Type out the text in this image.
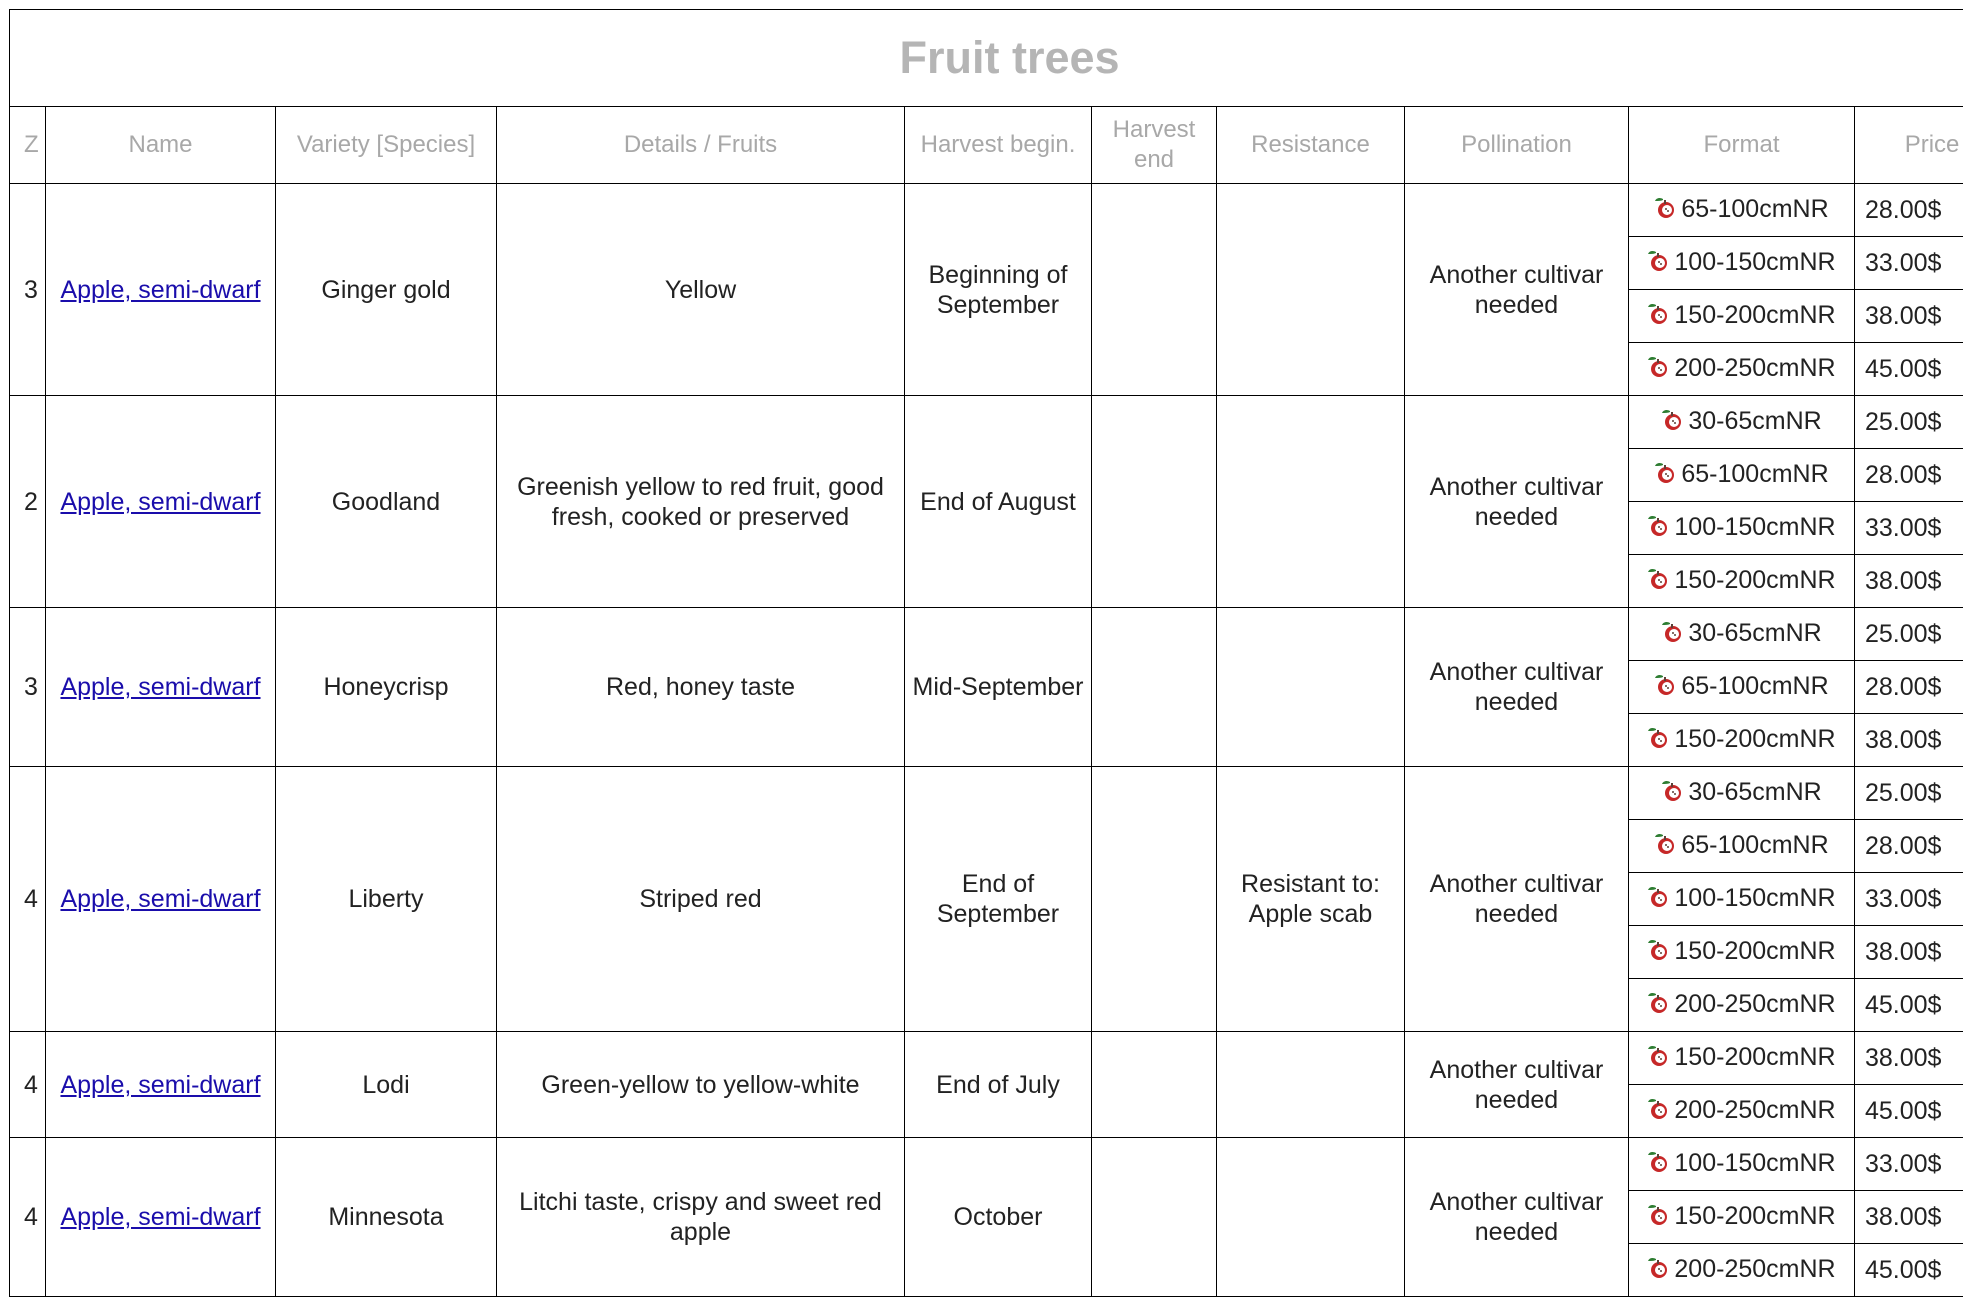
Fruit trees									
Z	Name	Variety [Species]	Details / Fruits	Harvest begin.	Harvest end	Resistance	Pollination	Format	Price
3	Apple, semi-dwarf	Ginger gold	Yellow	Beginning of September			Another cultivar needed	65-100cmNR	28.00$
								100-150cmNR	33.00$
								150-200cmNR	38.00$
								200-250cmNR	45.00$
2	Apple, semi-dwarf	Goodland	Greenish yellow to red fruit, good fresh, cooked or preserved	End of August			Another cultivar needed	30-65cmNR	25.00$
								65-100cmNR	28.00$
								100-150cmNR	33.00$
								150-200cmNR	38.00$
3	Apple, semi-dwarf	Honeycrisp	Red, honey taste	Mid-September			Another cultivar needed	30-65cmNR	25.00$
								65-100cmNR	28.00$
								150-200cmNR	38.00$
4	Apple, semi-dwarf	Liberty	Striped red	End of September		Resistant to: Apple scab	Another cultivar needed	30-65cmNR	25.00$
								65-100cmNR	28.00$
								100-150cmNR	33.00$
								150-200cmNR	38.00$
								200-250cmNR	45.00$
4	Apple, semi-dwarf	Lodi	Green-yellow to yellow-white	End of July			Another cultivar needed	150-200cmNR	38.00$
								200-250cmNR	45.00$
4	Apple, semi-dwarf	Minnesota	Litchi taste, crispy and sweet red apple	October			Another cultivar needed	100-150cmNR	33.00$
								150-200cmNR	38.00$
								200-250cmNR	45.00$
